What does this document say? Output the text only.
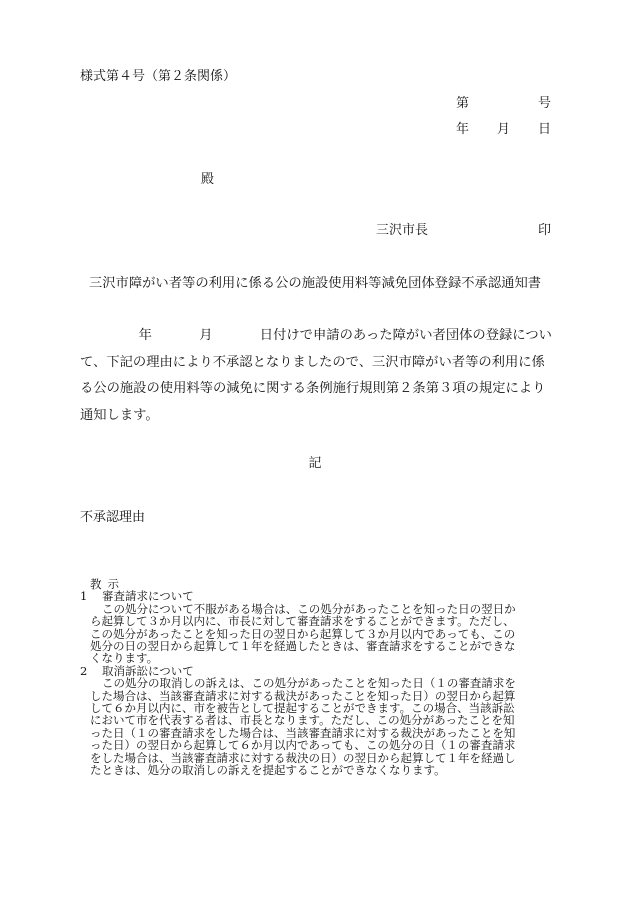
様式第４号（第２条関係）
第	号
年 月 日
殿
三沢市長	印
三沢市障がい者等の利用に係る公の施設使用料等減免団体登録不承認通知書
年	月	日付けで申請のあった障がい者団体の登録につい
て、下記の理由により不承認となりましたので、三沢市障がい者等の利用に係
る公の施設の使用料等の減免に関する条例施行規則第２条第３項の規定により
通知します。
記
不承認理由
教示
1	審査請求について
この処分について不服がある場合は、この処分があったことを知った日の翌日か
ら起算して３か月以内に、市長に対して審査請求をすることができます。ただし、
この処分があったことを知った日の翌日から起算して３か月以内であっても、この
処分の日の翌日から起算して１年を経過したときは、審査請求をすることができな
くなります。
2	取消訴訟について
この処分の取消しの訴えは、この処分があったことを知った日（１の審査請求を
した場合は、当該審査請求に対する裁決があったことを知った日）の翌日から起算
して６か月以内に、市を被告として提起することができます。この場合、当該訴訟
において市を代表する者は、市長となります。ただし、この処分があったことを知
った日（１の審査請求をした場合は、当該審査請求に対する裁決があったことを知
った日）の翌日から起算して６か月以内であっても、この処分の日（１の審査請求
をした場合は、当該審査請求に対する裁決の日）の翌日から起算して１年を経過し
たときは、処分の取消しの訴えを提起することができなくなります。
